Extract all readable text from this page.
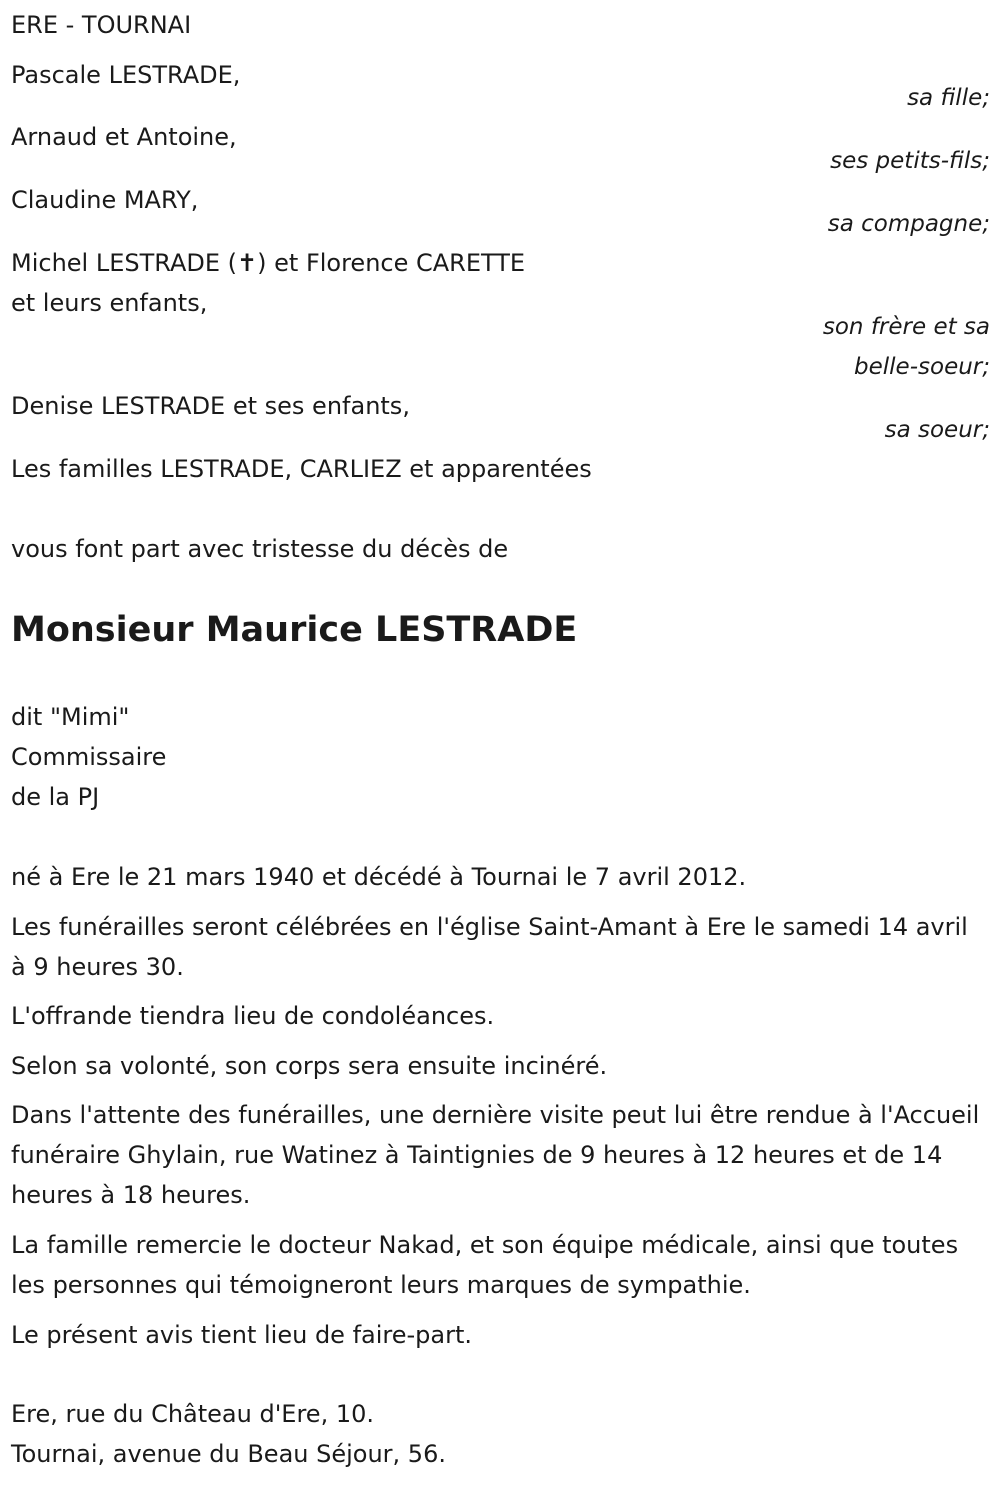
ERE - TOURNAI
Pascale LESTRADE,
sa fille;
Arnaud et Antoine,
ses petits-fils;
Claudine MARY,
sa compagne;
Michel LESTRADE (✝) et Florence CARETTE
et leurs enfants,
son frère et sa
belle-soeur;
Denise LESTRADE et ses enfants,
sa soeur;
Les familles LESTRADE, CARLIEZ et apparentées
vous font part avec tristesse du décès de
Monsieur Maurice LESTRADE
dit "Mimi"
Commissaire
de la PJ
né à Ere le 21 mars 1940 et décédé à Tournai le 7 avril 2012.
Les funérailles seront célébrées en l'église Saint-Amant à Ere le samedi 14 avril à 9 heures 30.
L'offrande tiendra lieu de condoléances.
Selon sa volonté, son corps sera ensuite incinéré.
Dans l'attente des funérailles, une dernière visite peut lui être rendue à l'Accueil funéraire Ghylain, rue Watinez à Taintignies de 9 heures à 12 heures et de 14 heures à 18 heures.
La famille remercie le docteur Nakad, et son équipe médicale, ainsi que toutes les personnes qui témoigneront leurs marques de sympathie.
Le présent avis tient lieu de faire-part.
Ere, rue du Château d'Ere, 10.
Tournai, avenue du Beau Séjour, 56.
